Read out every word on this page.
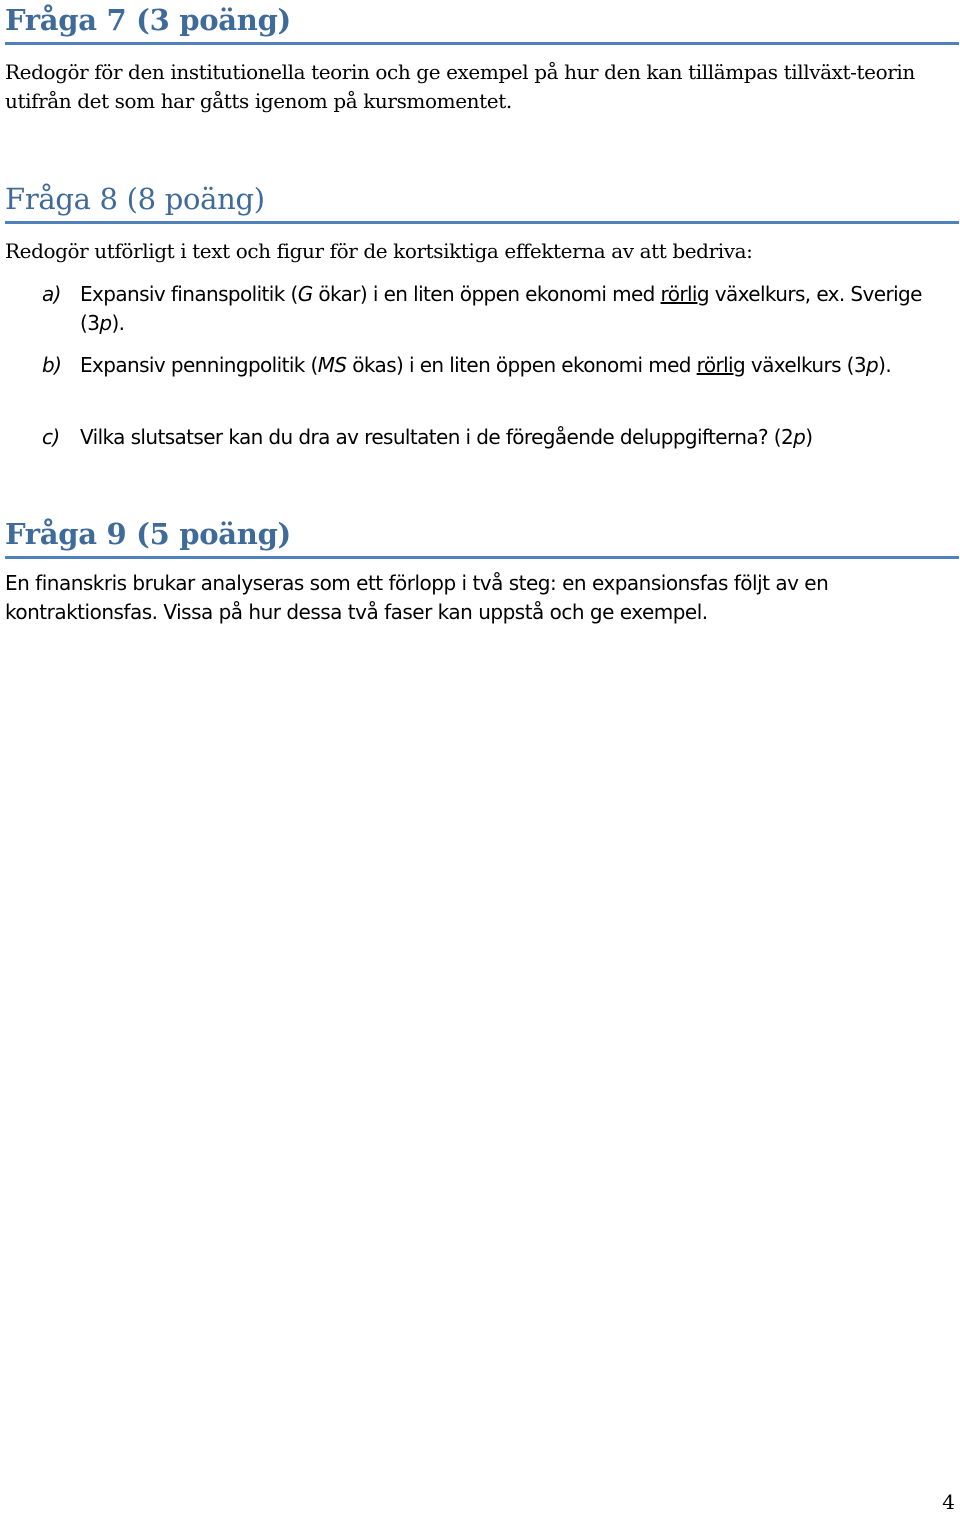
Fråga 7 (3 poäng)
Redogör för den institutionella teorin och ge exempel på hur den kan tillämpas tillväxt-teorin utifrån det som har gåtts igenom på kursmomentet.
Fråga 8 (8 poäng)
Redogör utförligt i text och figur för de kortsiktiga effekterna av att bedriva:
a) Expansiv finanspolitik (G ökar) i en liten öppen ekonomi med rörlig växelkurs, ex. Sverige (3p).
b) Expansiv penningpolitik (MS ökas) i en liten öppen ekonomi med rörlig växelkurs (3p).
c) Vilka slutsatser kan du dra av resultaten i de föregående deluppgifterna? (2p)
Fråga 9 (5 poäng)
En finanskris brukar analyseras som ett förlopp i två steg: en expansionsfas följt av en kontraktionsfas. Vissa på hur dessa två faser kan uppstå och ge exempel.
4
